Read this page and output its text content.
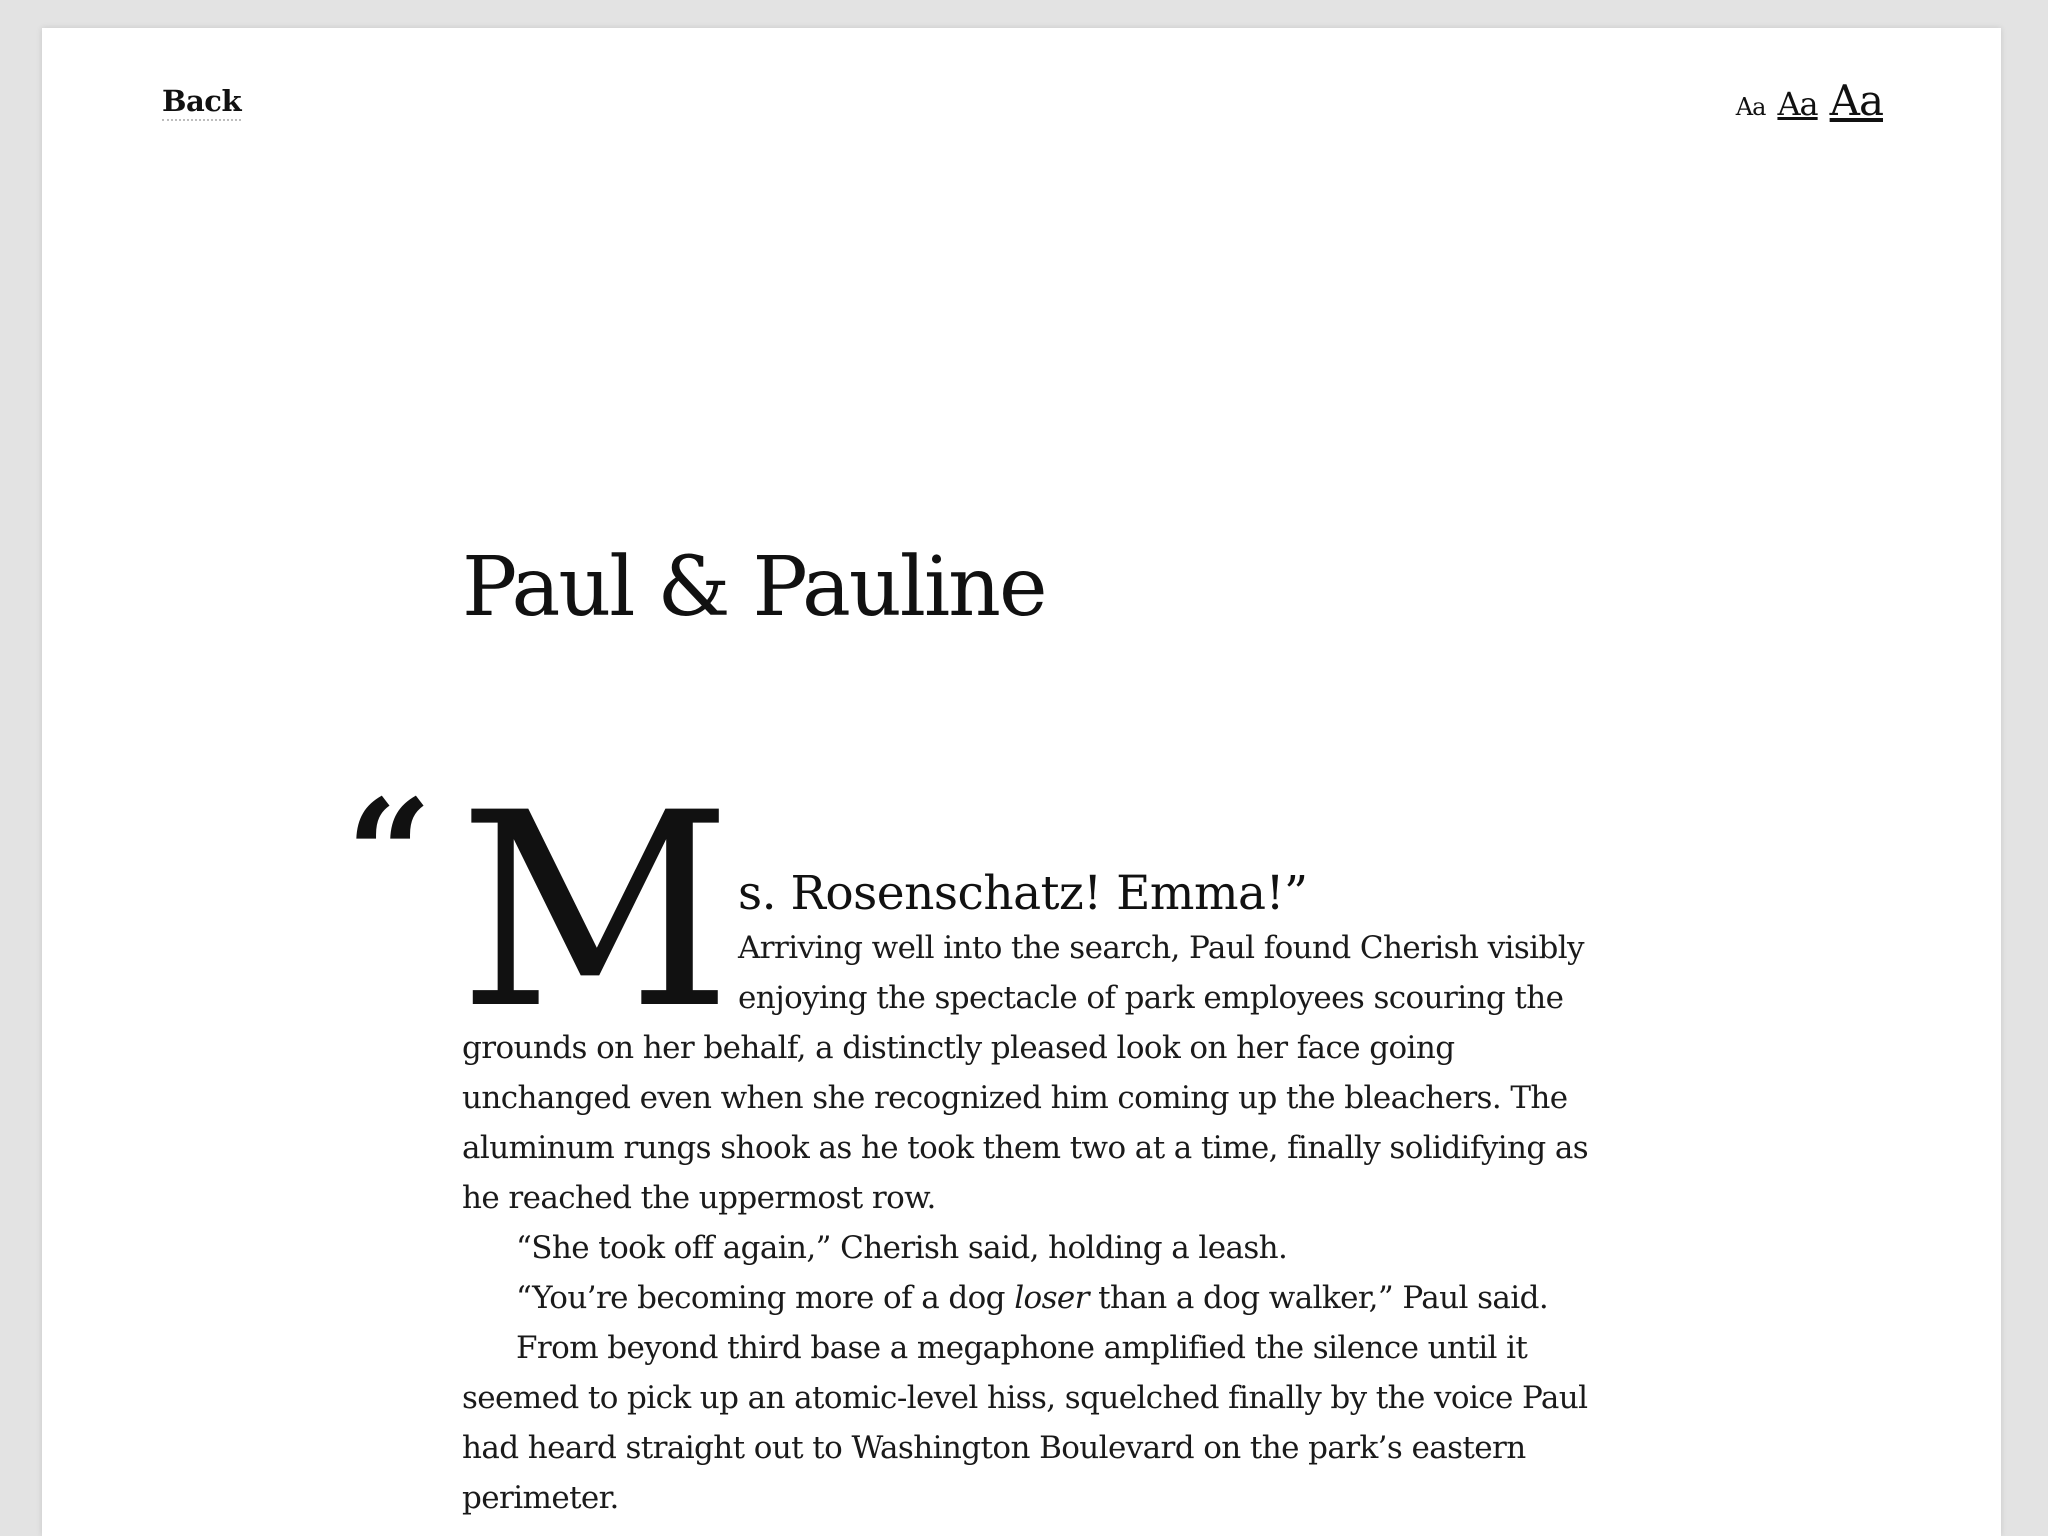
Back	Aa Aa Aa
Paul & Pauline
“ M s. Rosenschatz! Emma!”
Arriving well into the search, Paul found Cherish visibly
enjoying the spectacle of park employees scouring the
grounds on her behalf, a distinctly pleased look on her face going
unchanged even when she recognized him coming up the bleachers. The
aluminum rungs shook as he took them two at a time, finally solidifying as
he reached the uppermost row.
“She took off again,” Cherish said, holding a leash.
“You’re becoming more of a dog loser than a dog walker,” Paul said.
From beyond third base a megaphone amplified the silence until it
seemed to pick up an atomic-level hiss, squelched finally by the voice Paul
had heard straight out to Washington Boulevard on the park’s eastern
perimeter.
